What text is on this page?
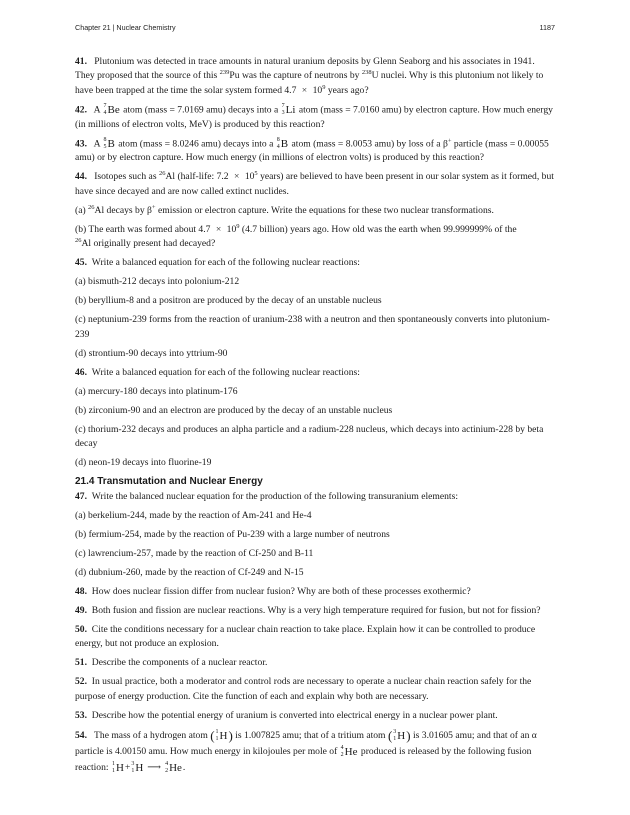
Chapter 21 | Nuclear Chemistry	1187

41. Plutonium was detected in trace amounts in natural uranium deposits by Glenn Seaborg and his associates in 1941. They proposed that the source of this $^{239}$Pu was the capture of neutrons by $^{238}$U nuclei. Why is this plutonium not likely to have been trapped at the time the solar system formed $4.7 \times 10^9$ years ago?

42. A 7
4 Be atom (mass = 7.0169 amu) decays into a 7
3 Li atom (mass = 7.0160 amu) by electron capture. How much energy (in millions of electron volts, MeV) is produced by this reaction?

43. A 8
5 B atom (mass = 8.0246 amu) decays into a 8
4 B atom (mass = 8.0053 amu) by loss of a β+ particle (mass = 0.00055 amu) or by electron capture. How much energy (in millions of electron volts) is produced by this reaction?

44. Isotopes such as $^{26}$Al (half-life: $7.2 \times 10^5$ years) are believed to have been present in our solar system as it formed, but have since decayed and are now called extinct nuclides.

(a) $^{26}$Al decays by β+ emission or electron capture. Write the equations for these two nuclear transformations.

(b) The earth was formed about $4.7 \times 10^9$ (4.7 billion) years ago. How old was the earth when 99.999999% of the
$^{26}$Al originally present had decayed?

45. Write a balanced equation for each of the following nuclear reactions:

(a) bismuth-212 decays into polonium-212

(b) beryllium-8 and a positron are produced by the decay of an unstable nucleus

(c) neptunium-239 forms from the reaction of uranium-238 with a neutron and then spontaneously converts into plutonium-239

(d) strontium-90 decays into yttrium-90

46. Write a balanced equation for each of the following nuclear reactions:

(a) mercury-180 decays into platinum-176

(b) zirconium-90 and an electron are produced by the decay of an unstable nucleus

(c) thorium-232 decays and produces an alpha particle and a radium-228 nucleus, which decays into actinium-228 by beta decay

(d) neon-19 decays into fluorine-19

21.4 Transmutation and Nuclear Energy

47. Write the balanced nuclear equation for the production of the following transuranium elements:

(a) berkelium-244, made by the reaction of Am-241 and He-4

(b) fermium-254, made by the reaction of Pu-239 with a large number of neutrons

(c) lawrencium-257, made by the reaction of Cf-250 and B-11

(d) dubnium-260, made by the reaction of Cf-249 and N-15

48. How does nuclear fission differ from nuclear fusion? Why are both of these processes exothermic?

49. Both fusion and fission are nuclear reactions. Why is a very high temperature required for fusion, but not for fission?

50. Cite the conditions necessary for a nuclear chain reaction to take place. Explain how it can be controlled to produce energy, but not produce an explosion.

51. Describe the components of a nuclear reactor.

52. In usual practice, both a moderator and control rods are necessary to operate a nuclear chain reaction safely for the purpose of energy production. Cite the function of each and explain why both are necessary.

53. Describe how the potential energy of uranium is converted into electrical energy in a nuclear power plant.

54. The mass of a hydrogen atom ( 1
1 H ) is 1.007825 amu; that of a tritium atom ( 3
1 H ) is 3.01605 amu; and that of an α particle is 4.00150 amu. How much energy in kilojoules per mole of 4
2 He produced is released by the following fusion reaction: 1
1 H + 3
1 H ⟶ 4
2 He .
